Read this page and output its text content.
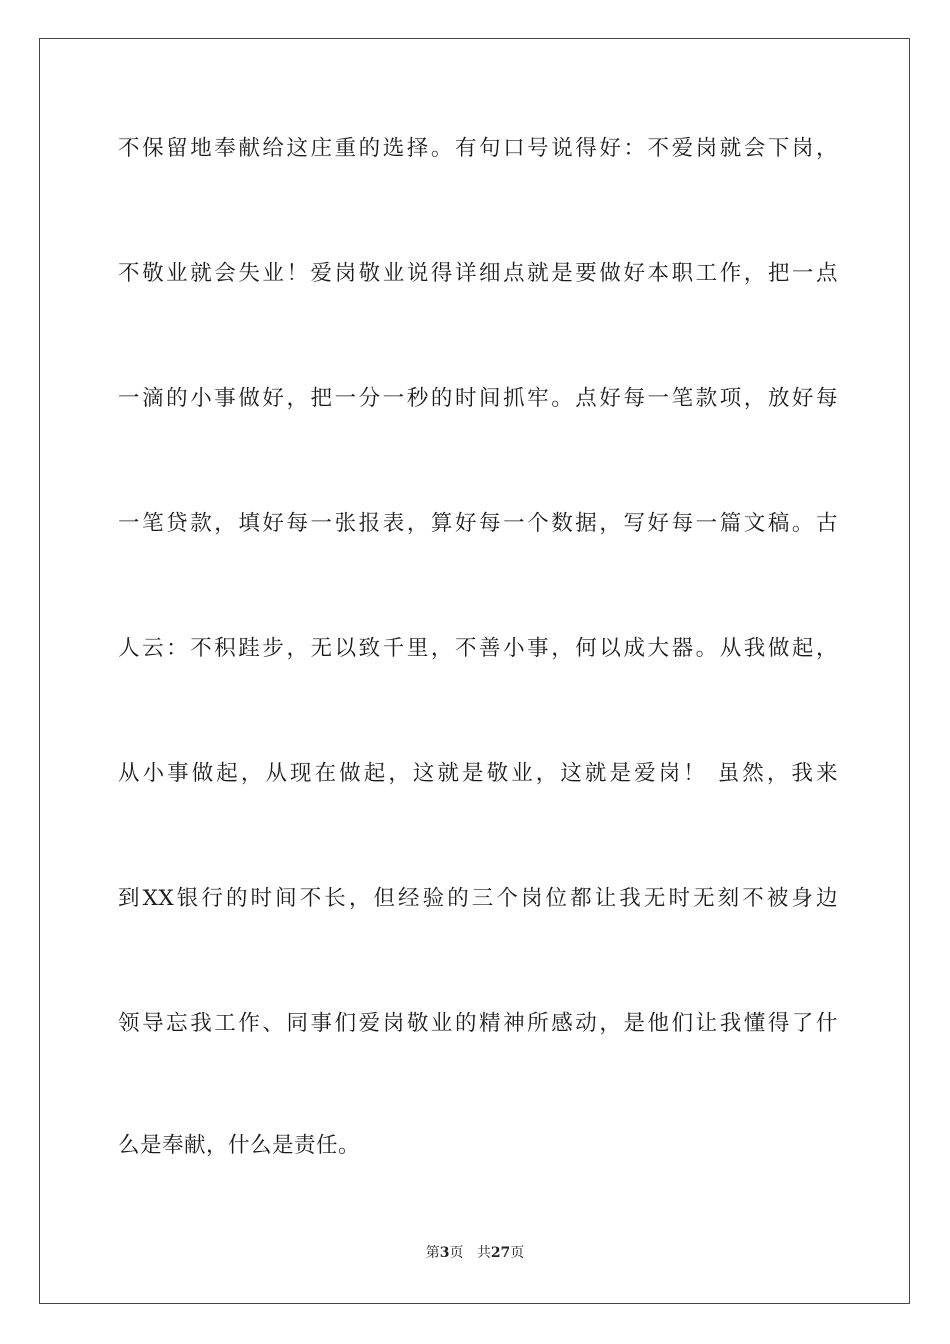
不保留地奉献给这庄重的选择。有句口号说得好：不爱岗就会下岗，
不敬业就会失业！爱岗敬业说得详细点就是要做好本职工作，把一点
一滴的小事做好，把一分一秒的时间抓牢。点好每一笔款项，放好每
一笔贷款，填好每一张报表，算好每一个数据，写好每一篇文稿。古
人云：不积跬步，无以致千里，不善小事，何以成大器。从我做起，
从小事做起，从现在做起，这就是敬业，这就是爱岗！ 虽然，我来
到XX银行的时间不长，但经验的三个岗位都让我无时无刻不被身边
领导忘我工作、同事们爱岗敬业的精神所感动，是他们让我懂得了什
么是奉献，什么是责任。
第3页 共27页
